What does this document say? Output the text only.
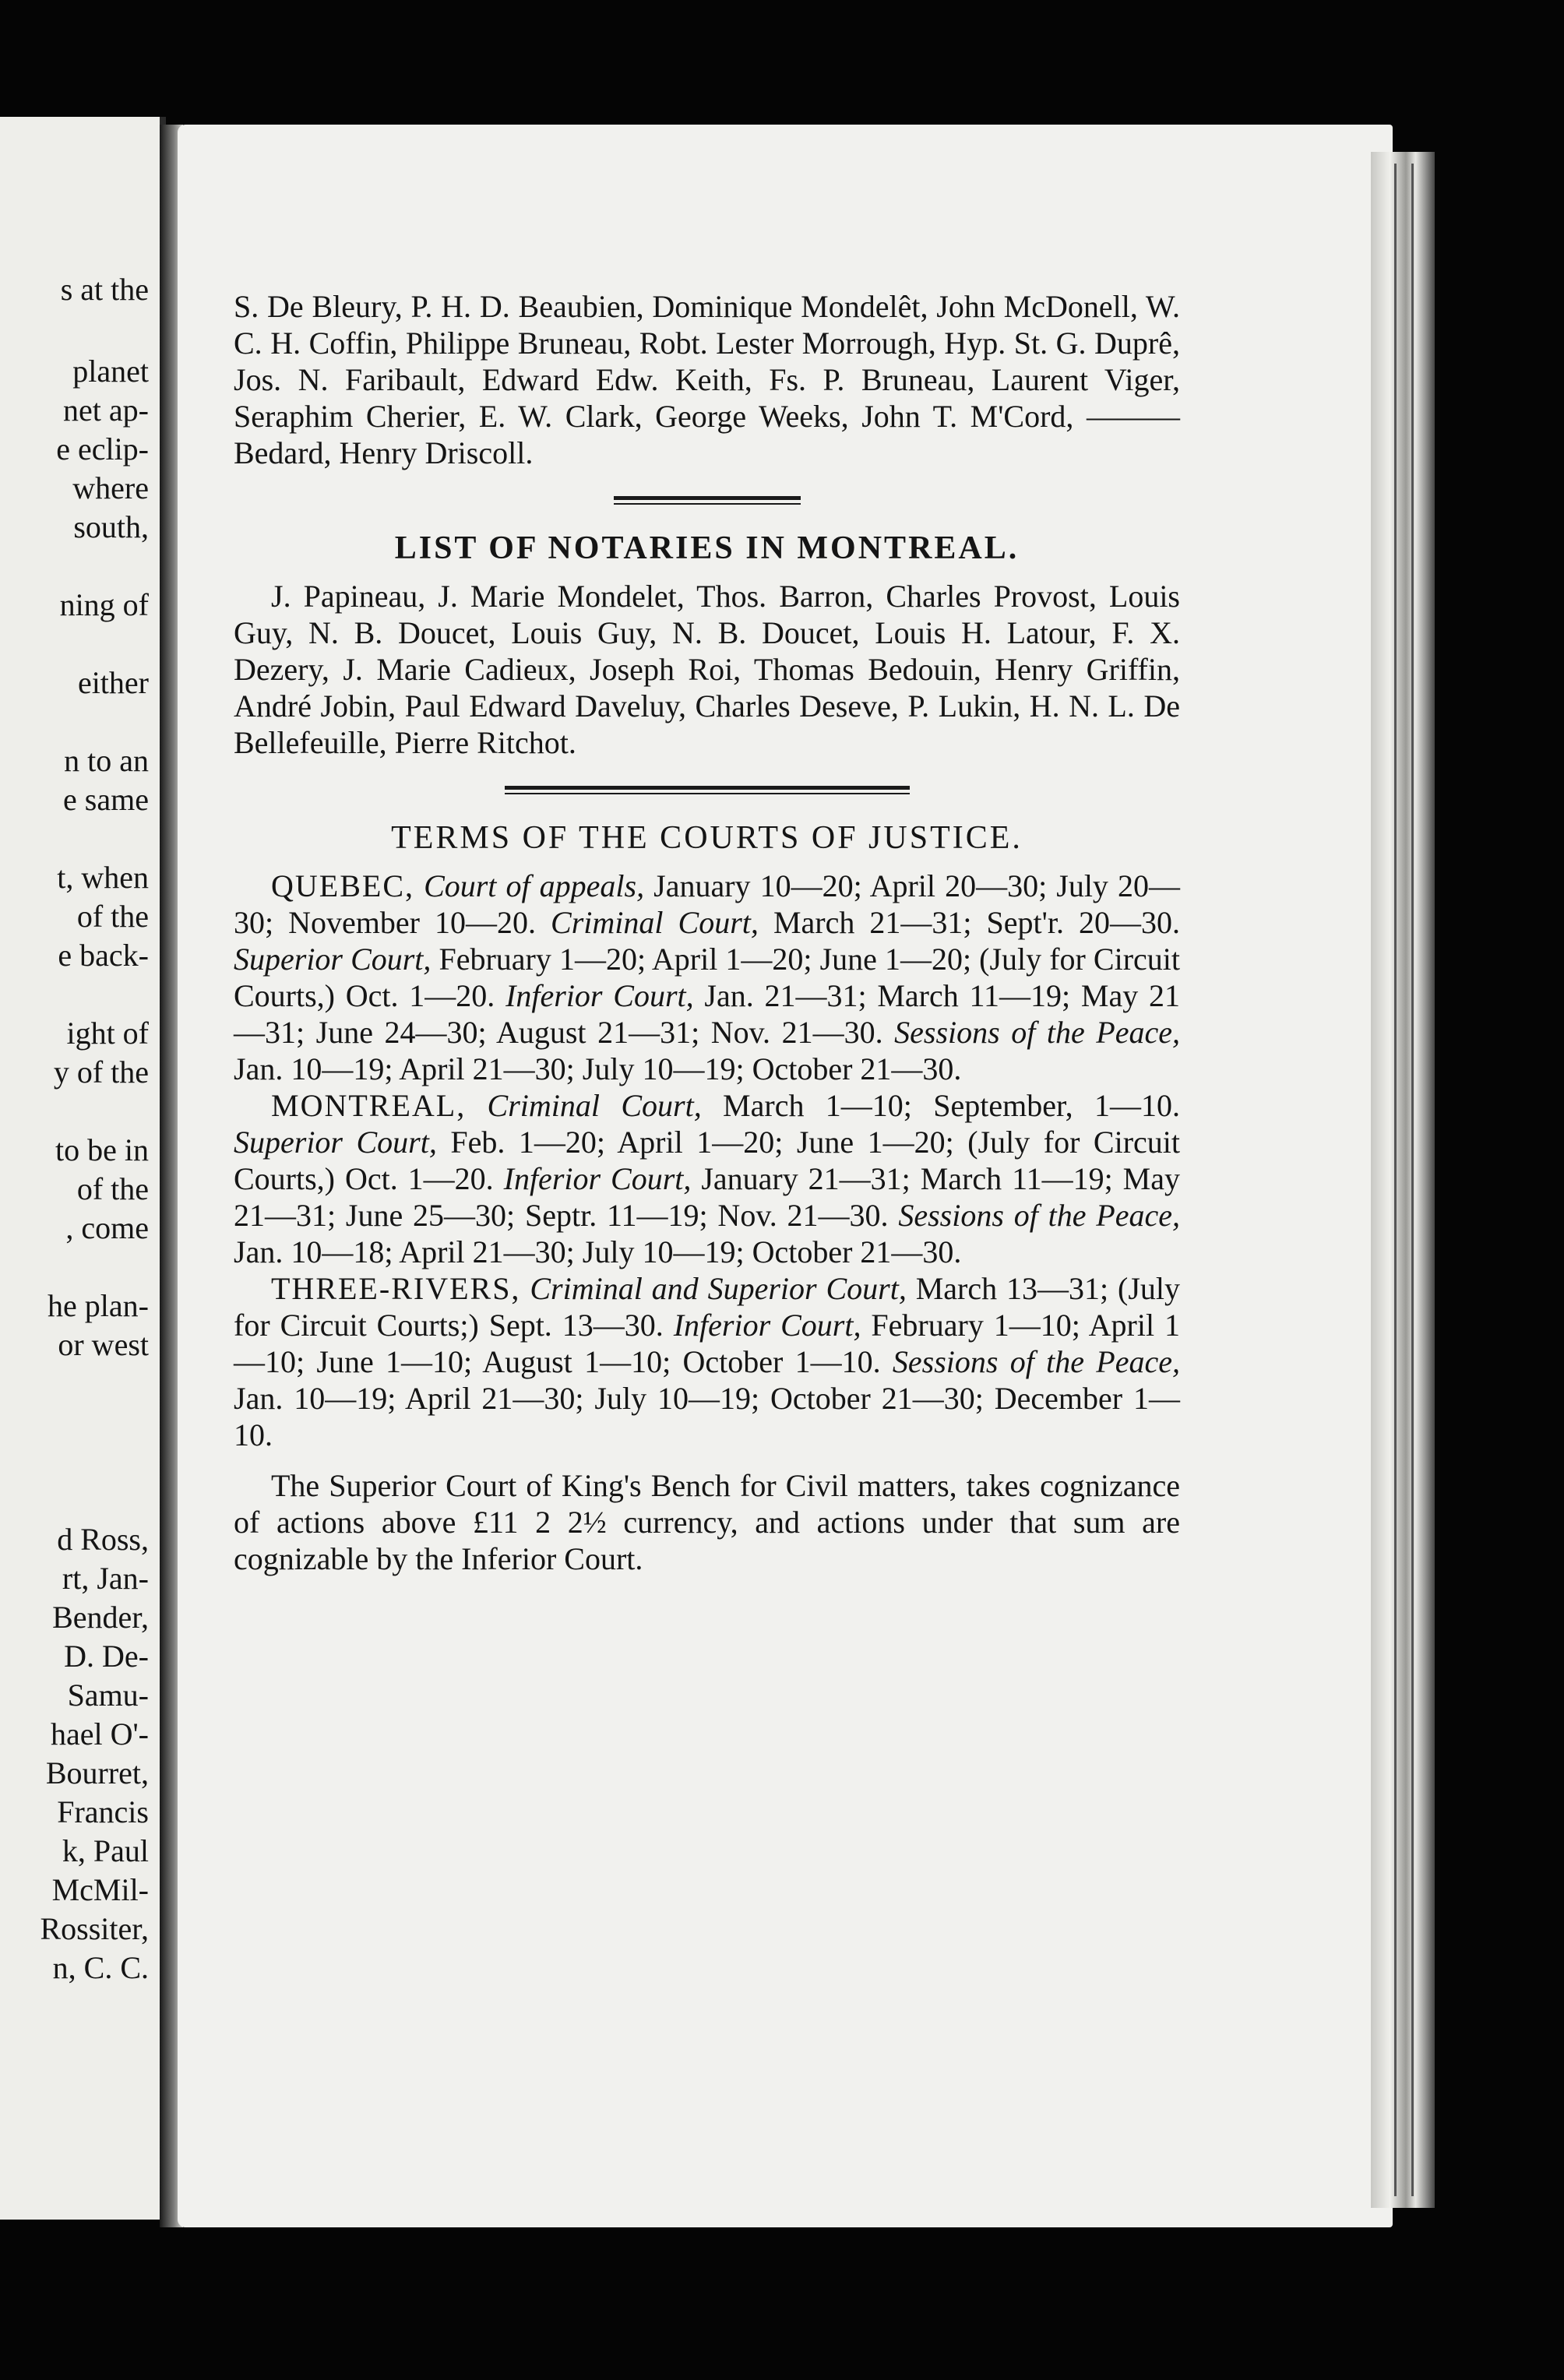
s at the
planet
net ap-
e eclip-
where
south,
ning of
either
n to an
e same
t, when
of the
e back-
ight of
y of the
to be in
of the
, come
he plan-
or west
d Ross,
rt, Jan-
Bender,
D. De-
Samu-
hael O'-
Bourret,
Francis
k, Paul
McMil-
Rossiter,
n, C. C.

S. De Bleury, P. H. D. Beaubien, Dominique Mondelêt, John McDonell, W. C. H. Coffin, Philippe Bruneau, Robt. Lester Morrough, Hyp. St. G. Duprê, Jos. N. Faribault, Edward Edw. Keith, Fs. P. Bruneau, Laurent Viger, Seraphim Cherier, E. W. Clark, George Weeks, John T. M'Cord, ——— Bedard, Henry Driscoll.

LIST OF NOTARIES IN MONTREAL.

J. Papineau, J. Marie Mondelet, Thos. Barron, Charles Provost, Louis Guy, N. B. Doucet, Louis Guy, N. B. Doucet, Louis H. Latour, F. X. Dezery, J. Marie Cadieux, Joseph Roi, Thomas Bedouin, Henry Griffin, André Jobin, Paul Edward Daveluy, Charles Deseve, P. Lukin, H. N. L. De Bellefeuille, Pierre Ritchot.

TERMS OF THE COURTS OF JUSTICE.

QUEBEC, Court of appeals, January 10—20; April 20—30; July 20—30; November 10—20. Criminal Court, March 21—31; Sept'r. 20—30. Superior Court, February 1—20; April 1—20; June 1—20; (July for Circuit Courts,) Oct. 1—20. Inferior Court, Jan. 21—31; March 11—19; May 21—31; June 24—30; August 21—31; Nov. 21—30. Sessions of the Peace, Jan. 10—19; April 21—30; July 10—19; October 21—30.

MONTREAL, Criminal Court, March 1—10; September, 1—10. Superior Court, Feb. 1—20; April 1—20; June 1—20; (July for Circuit Courts,) Oct. 1—20. Inferior Court, January 21—31; March 11—19; May 21—31; June 25—30; Septr. 11—19; Nov. 21—30. Sessions of the Peace, Jan. 10—18; April 21—30; July 10—19; October 21—30.

THREE-RIVERS, Criminal and Superior Court, March 13—31; (July for Circuit Courts;) Sept. 13—30. Inferior Court, February 1—10; April 1—10; June 1—10; August 1—10; October 1—10. Sessions of the Peace, Jan. 10—19; April 21—30; July 10—19; October 21—30; December 1—10.

The Superior Court of King's Bench for Civil matters, takes cognizance of actions above £11 2 2½ currency, and actions under that sum are cognizable by the Inferior Court.
